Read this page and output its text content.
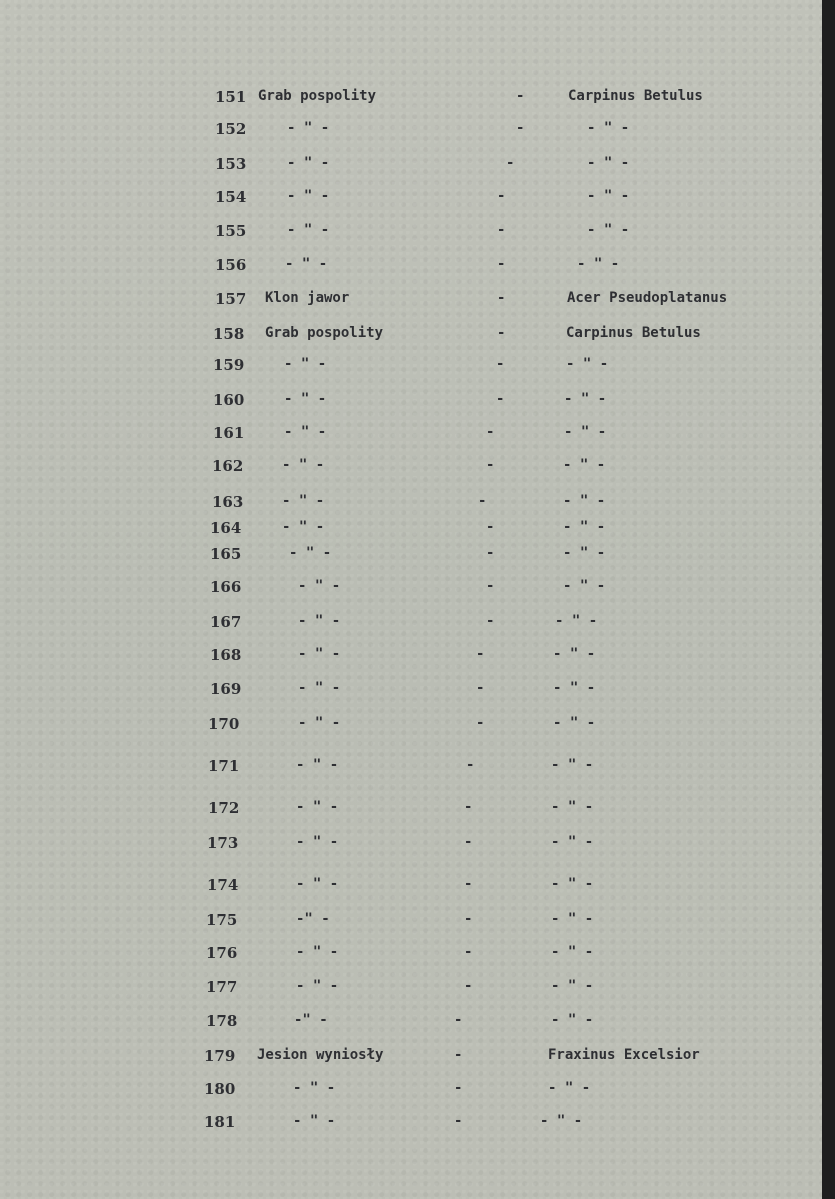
151 Grab pospolity	-	Carpinus Betulus
152	- " -	-	- " -
153	- " -	-	- " -
154	- " -	-	- " -
155	- " -	-	- " -
156	- " -	-	- " -
157 Klon jawor	-	Acer Pseudoplatanus
158 Grab pospolity	-	Carpinus Betulus
159	- " -	-	- " -
160	- " -	-	- " -
161	- " -	-	- " -
162	- " -	-	- " -
163	- " -	-	- " -
164	- " -	-	- " -
165	- " -	-	- " -
166	- " -	-	- " -
167	- " -	-	- " -
168	- " -	-	- " -
169	- " -	-	- " -
170	- " -	-	- " -
171	- " -	-	- " -
172	- " -	-	- " -
173	- " -	-	- " -
174	- " -	-	- " -
175	-" -	-	- " -
176	- " -	-	- " -
177	- " -	-	- " -
178	-" -	-	- " -
179 Jesion wyniosły	-	Fraxinus Excelsior
180	- " -	-	- " -
181	- " -	-	- " -
